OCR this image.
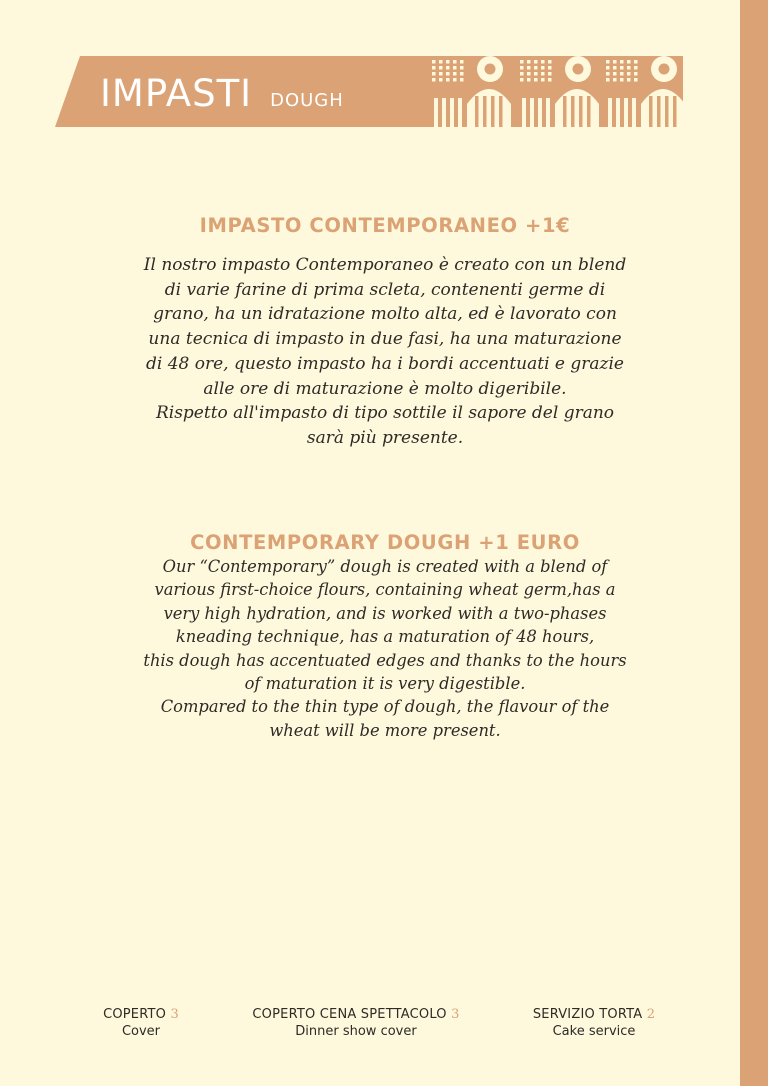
IMPASTI DOUGH
IMPASTO CONTEMPORANEO +1€
Il nostro impasto Contemporaneo è creato con un blend
di varie farine di prima scleta, contenenti germe di
grano, ha un idratazione molto alta, ed è lavorato con
una tecnica di impasto in due fasi, ha una maturazione
di 48 ore, questo impasto ha i bordi accentuati e grazie
alle ore di maturazione è molto digeribile.
Rispetto all'impasto di tipo sottile il sapore del grano
sarà più presente.
CONTEMPORARY DOUGH +1 EURO
Our “Contemporary” dough is created with a blend of
various first-choice flours, containing wheat germ,has a
very high hydration, and is worked with a two-phases
kneading technique, has a maturation of 48 hours,
this dough has accentuated edges and thanks to the hours
of maturation it is very digestible.
Compared to the thin type of dough, the flavour of the
wheat will be more present.
COPERTO 3
Cover
COPERTO CENA SPETTACOLO 3
Dinner show cover
SERVIZIO TORTA 2
Cake service
